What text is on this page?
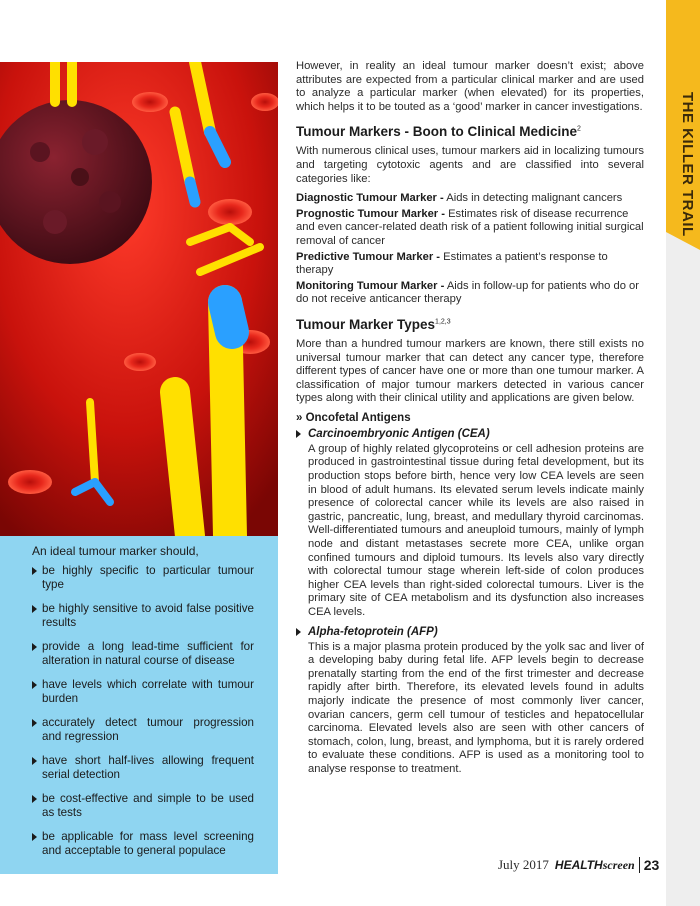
THE KILLER TRAIL
An ideal tumour marker should,
be highly specific to particular tumour type
be highly sensitive to avoid false positive results
provide a long lead-time sufficient for alteration in natural course of disease
have levels which correlate with tumour burden
accurately detect tumour progression and regression
have short half-lives allowing frequent serial detection
be cost-effective and simple to be used as tests
be applicable for mass level screening and acceptable to general populace

However, in reality an ideal tumour marker doesn’t exist; above attributes are expected from a particular clinical marker and are used to analyze a particular marker (when elevated) for its properties, which helps it to be touted as a ‘good’ marker in cancer investigations.

Tumour Markers - Boon to Clinical Medicine$^2$

With numerous clinical uses, tumour markers aid in localizing tumours and targeting cytotoxic agents and are classified into several categories like:

Diagnostic Tumour Marker - Aids in detecting malignant cancers

Prognostic Tumour Marker - Estimates risk of disease recurrence and even cancer-related death risk of a patient following initial surgical removal of cancer

Predictive Tumour Marker - Estimates a patient’s response to therapy

Monitoring Tumour Marker - Aids in follow-up for patients who do or do not receive anticancer therapy

Tumour Marker Types$^{1,2,3}$

More than a hundred tumour markers are known, there still exists no universal tumour marker that can detect any cancer type, therefore different types of cancer have one or more than one tumour marker. A classification of major tumour markers detected in various cancer types along with their clinical utility and applications are given below.

» Oncofetal Antigens
Carcinoembryonic Antigen (CEA)

A group of highly related glycoproteins or cell adhesion proteins are produced in gastrointestinal tissue during fetal development, but its production stops before birth, hence very low CEA levels are seen in blood of adult humans. Its elevated serum levels indicate mainly presence of colorectal cancer while its levels are also raised in gastric, pancreatic, lung, breast, and medullary thyroid carcinomas. Well-differentiated tumours and aneuploid tumours, mainly of lymph node and distant metastases secrete more CEA, unlike organ confined tumours and diploid tumours. Its levels also vary directly with colorectal tumour stage wherein left-side of colon produces higher CEA levels than right-sided colorectal tumours. Liver is the primary site of CEA metabolism and its dysfunction also increases CEA levels.

Alpha-fetoprotein (AFP)

This is a major plasma protein produced by the yolk sac and liver of a developing baby during fetal life. AFP levels begin to decrease prenatally starting from the end of the first trimester and decrease rapidly after birth. Therefore, its elevated levels found in adults majorly indicate the presence of most commonly liver cancer, ovarian cancers, germ cell tumour of testicles and hepatocellular carcinoma. Elevated levels also are seen with other cancers of stomach, colon, lung, breast, and lymphoma, but it is rarely ordered to evaluate these conditions. AFP is used as a monitoring tool to analyse response to treatment.

July 2017 HEALTHscreen 23
